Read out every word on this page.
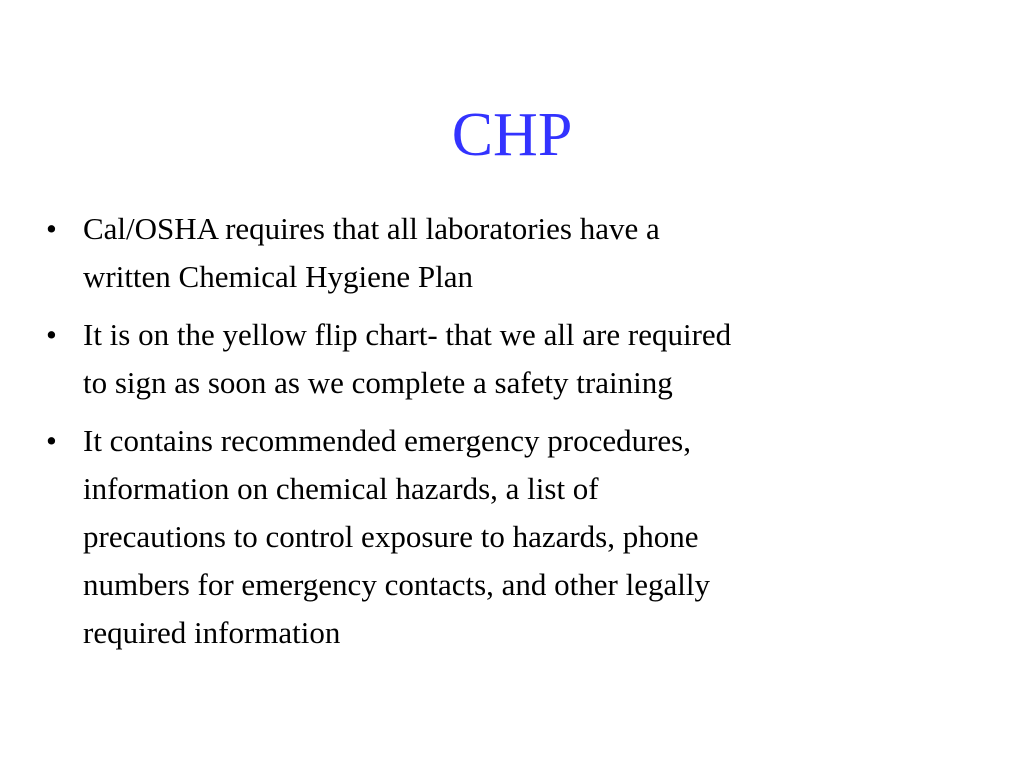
CHP
• Cal/OSHA requires that all laboratories have a
written Chemical Hygiene Plan
• It is on the yellow flip chart- that we all are required
to sign as soon as we complete a safety training
• It contains recommended emergency procedures,
information on chemical hazards, a list of
precautions to control exposure to hazards, phone
numbers for emergency contacts, and other legally
required information
